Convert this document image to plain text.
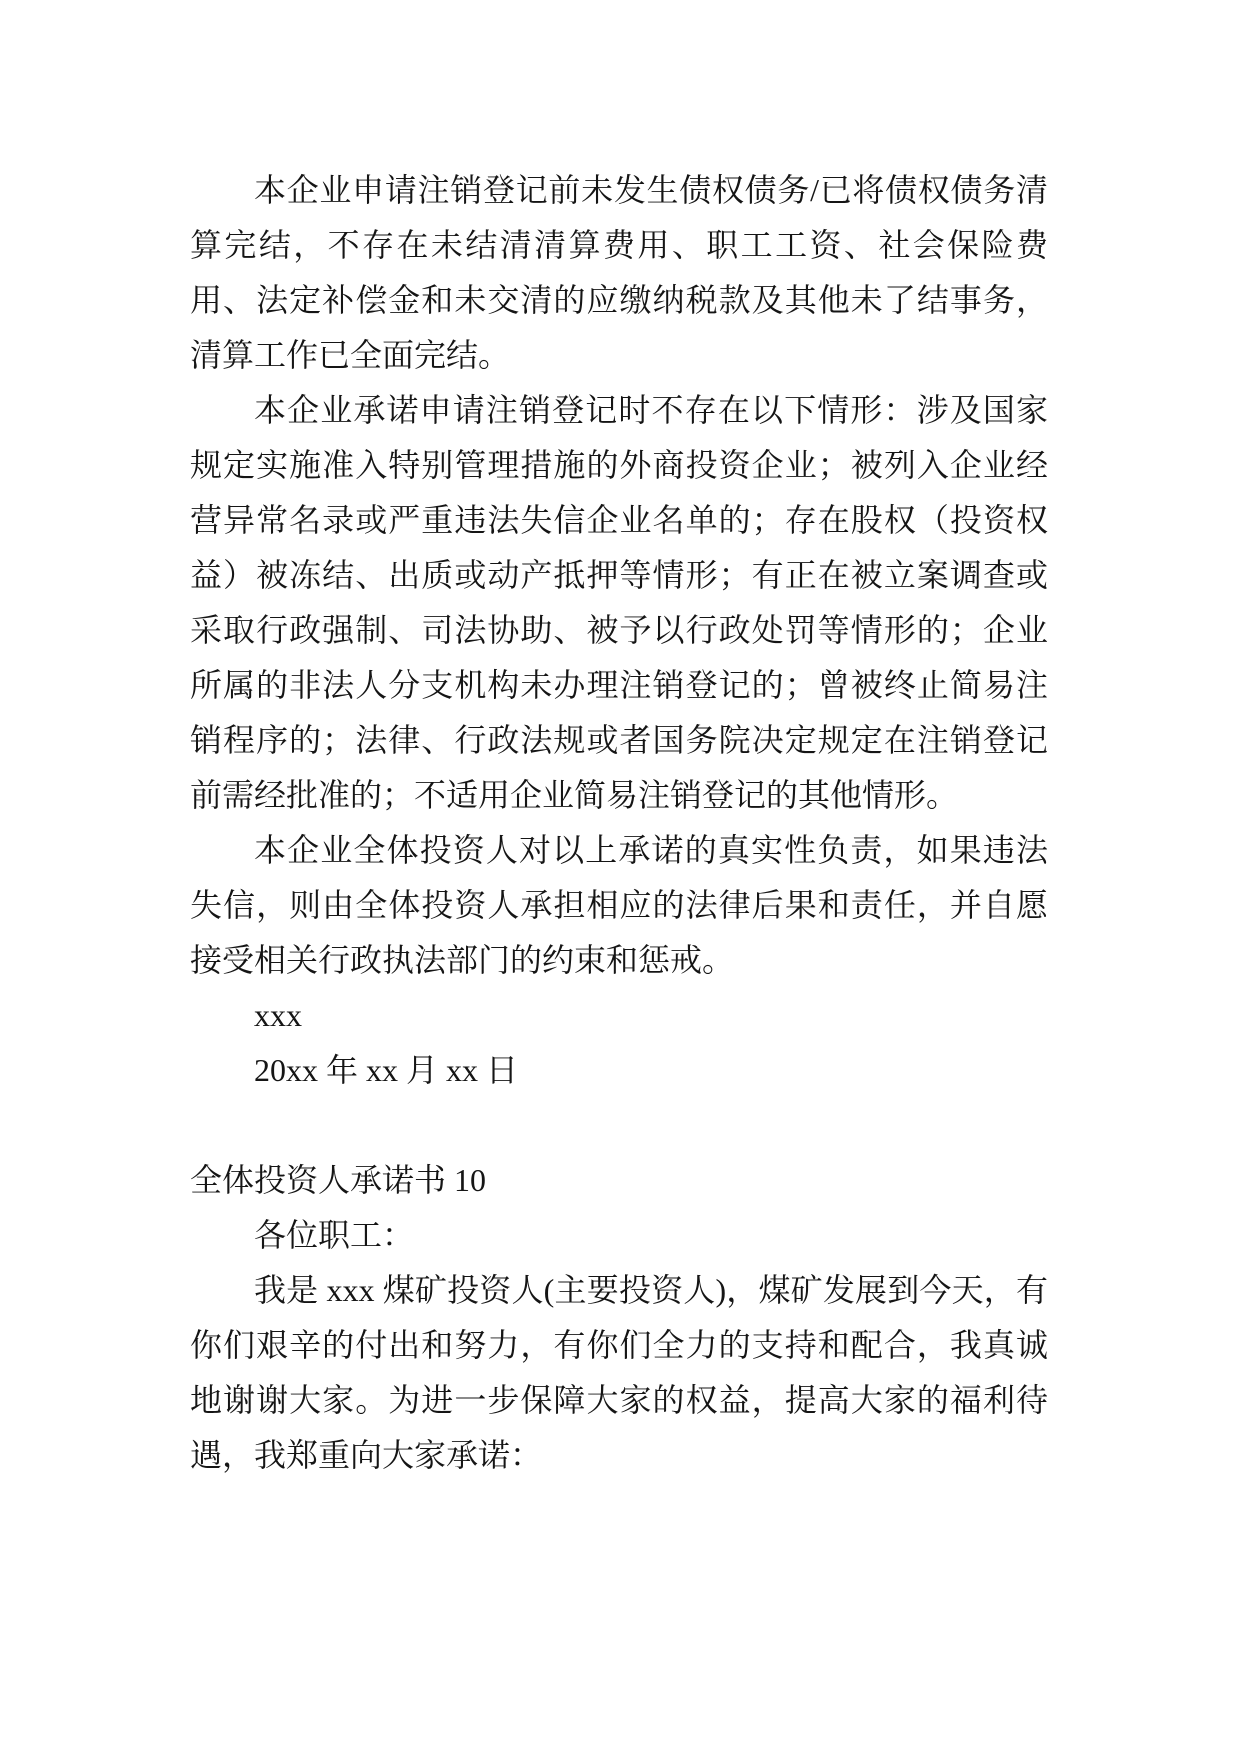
本企业申请注销登记前未发生债权债务/已将债权债务清算完结，不存在未结清清算费用、职工工资、社会保险费用、法定补偿金和未交清的应缴纳税款及其他未了结事务，清算工作已全面完结。

本企业承诺申请注销登记时不存在以下情形：涉及国家规定实施准入特别管理措施的外商投资企业；被列入企业经营异常名录或严重违法失信企业名单的；存在股权（投资权益）被冻结、出质或动产抵押等情形；有正在被立案调查或采取行政强制、司法协助、被予以行政处罚等情形的；企业所属的非法人分支机构未办理注销登记的；曾被终止简易注销程序的；法律、行政法规或者国务院决定规定在注销登记前需经批准的；不适用企业简易注销登记的其他情形。

本企业全体投资人对以上承诺的真实性负责，如果违法失信，则由全体投资人承担相应的法律后果和责任，并自愿接受相关行政执法部门的约束和惩戒。

xxx

20xx 年 xx 月 xx 日

全体投资人承诺书 10

各位职工：

我是 xxx 煤矿投资人(主要投资人)，煤矿发展到今天，有你们艰辛的付出和努力，有你们全力的支持和配合，我真诚地谢谢大家。为进一步保障大家的权益，提高大家的福利待遇，我郑重向大家承诺：
